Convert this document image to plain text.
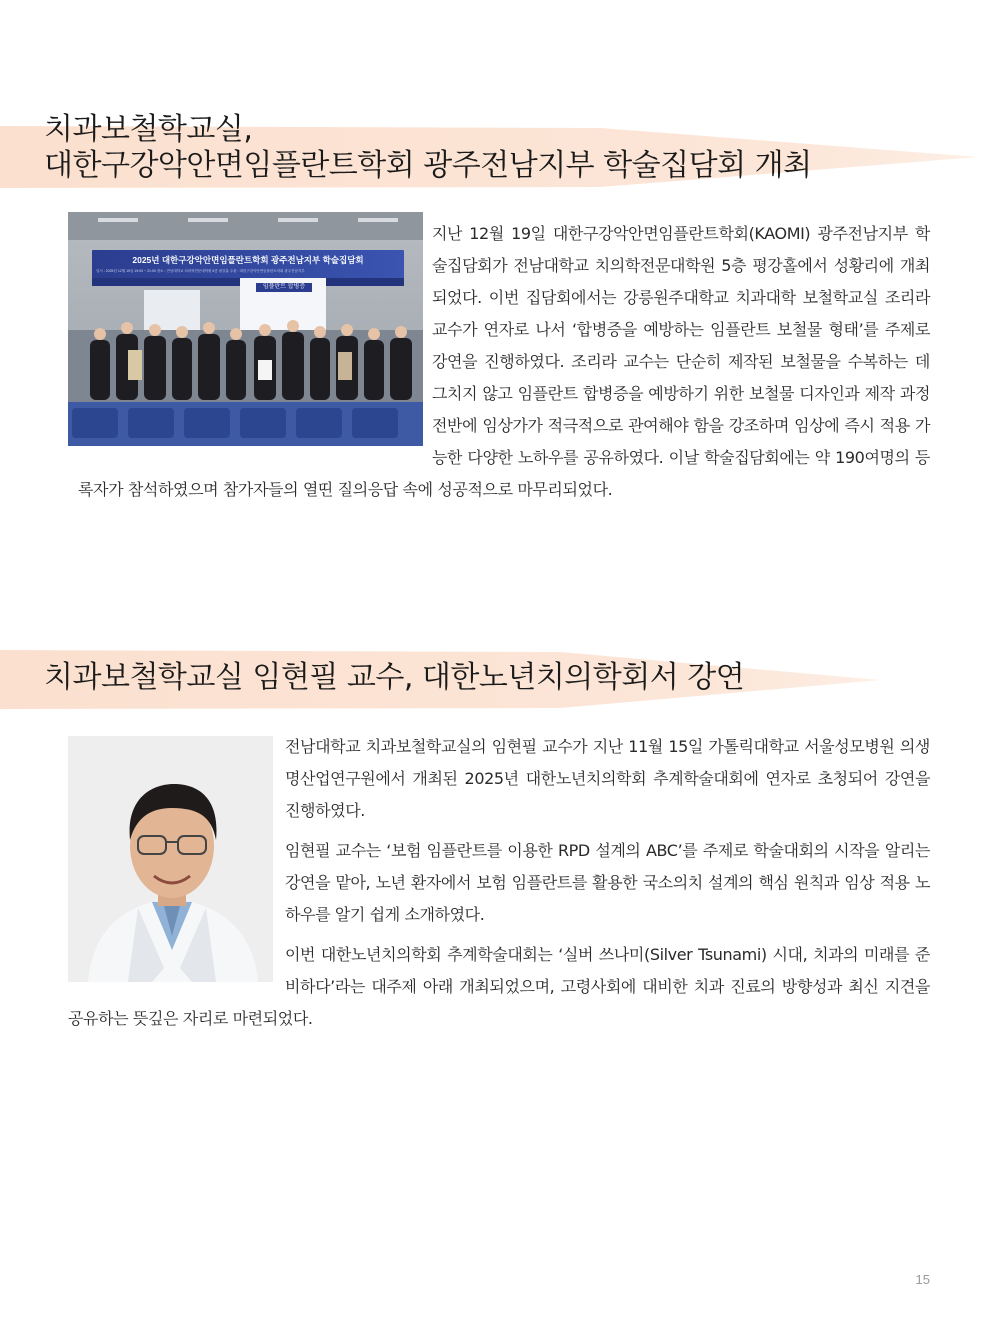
치과보철학교실,
대한구강악안면임플란트학회 광주전남지부 학술집담회 개최
2025년 대한구강악안면임플란트학회 광주전남지부 학술집담회
일시 : 2025년 12월 19일 19:00 ~ 21:00 장소 : 전남대학교 치의학전문대학원 5층 평강홀 주관 : 대한구강악안면임플란트학회 광주전남지부
임플란트 합병증

지난 12월 19일 대한구강악안면임플란트학회(KAOMI) 광주전남지부 학술집담회가 전남대학교 치의학전문대학원 5층 평강홀에서 성황리에 개최되었다. 이번 집담회에서는 강릉원주대학교 치과대학 보철학교실 조리라 교수가 연자로 나서 ‘합병증을 예방하는 임플란트 보철물 형태’를 주제로 강연을 진행하였다. 조리라 교수는 단순히 제작된 보철물을 수복하는 데 그치지 않고 임플란트 합병증을 예방하기 위한 보철물 디자인과 제작 과정 전반에 임상가가 적극적으로 관여해야 함을 강조하며 임상에 즉시 적용 가능한 다양한 노하우를 공유하였다. 이날 학술집담회에는 약 190여명의 등록자가 참석하였으며 참가자들의 열띤 질의응답 속에 성공적으로 마무리되었다.

치과보철학교실 임현필 교수, 대한노년치의학회서 강연

전남대학교 치과보철학교실의 임현필 교수가 지난 11월 15일 가톨릭대학교 서울성모병원 의생명산업연구원에서 개최된 2025년 대한노년치의학회 추계학술대회에 연자로 초청되어 강연을 진행하였다.

임현필 교수는 ‘보험 임플란트를 이용한 RPD 설계의 ABC’를 주제로 학술대회의 시작을 알리는 강연을 맡아, 노년 환자에서 보험 임플란트를 활용한 국소의치 설계의 핵심 원칙과 임상 적용 노하우를 알기 쉽게 소개하였다.

이번 대한노년치의학회 추계학술대회는 ‘실버 쓰나미(Silver Tsunami) 시대, 치과의 미래를 준비하다’라는 대주제 아래 개최되었으며, 고령사회에 대비한 치과 진료의 방향성과 최신 지견을 공유하는 뜻깊은 자리로 마련되었다.

15
